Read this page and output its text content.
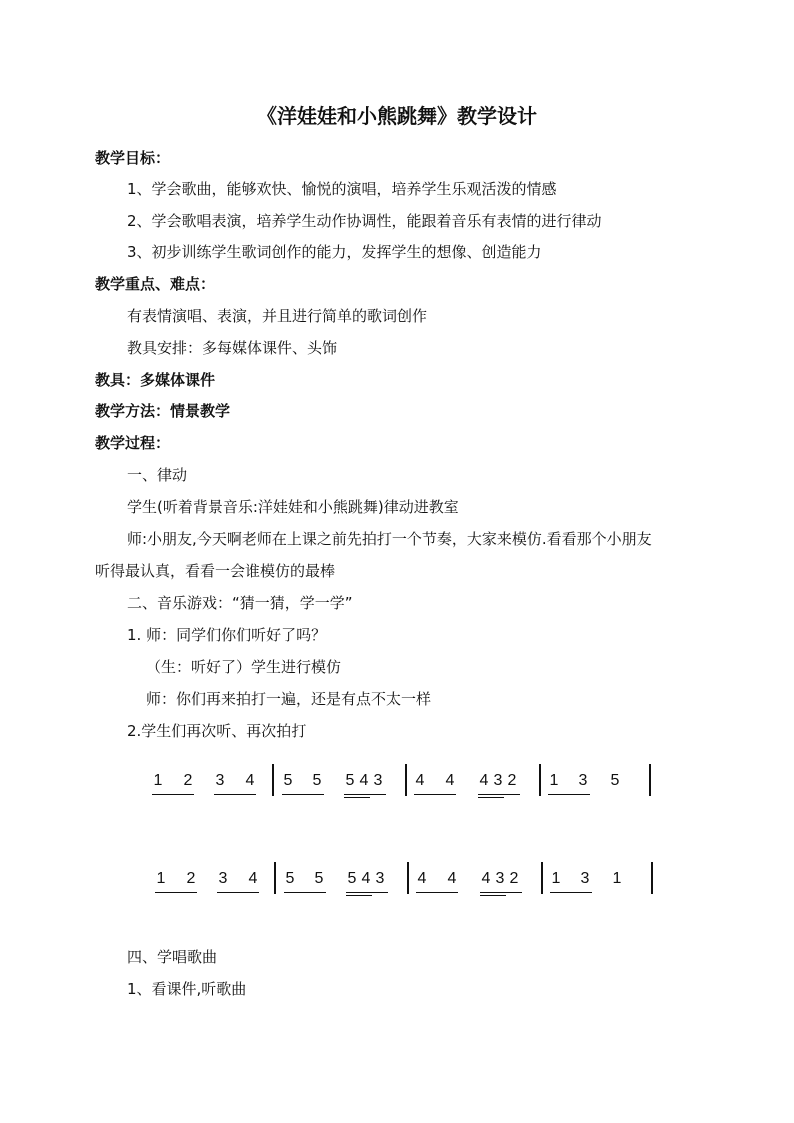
《洋娃娃和小熊跳舞》教学设计
教学目标：
1、学会歌曲，能够欢快、愉悦的演唱，培养学生乐观活泼的情感
2、学会歌唱表演，培养学生动作协调性，能跟着音乐有表情的进行律动
3、初步训练学生歌词创作的能力，发挥学生的想像、创造能力
教学重点、难点：
有表情演唱、表演，并且进行简单的歌词创作
教具安排：多每媒体课件、头饰
教具：多媒体课件
教学方法：情景教学
教学过程：
一、律动
学生(听着背景音乐:洋娃娃和小熊跳舞)律动进教室
师:小朋友,今天啊老师在上课之前先拍打一个节奏，大家来模仿.看看那个小朋友
听得最认真，看看一会谁模仿的最棒
二、音乐游戏：“猜一猜，学一学”
1. 师：同学们你们听好了吗？
（生：听好了）学生进行模仿
师：你们再来拍打一遍，还是有点不太一样
2.学生们再次听、再次拍打
1 2 3 4 5 5 5 4 3 4 4 4 3 2 1 3 5
1 2 3 4 5 5 5 4 3 4 4 4 3 2 1 3 1
四、学唱歌曲
1、看课件,听歌曲
